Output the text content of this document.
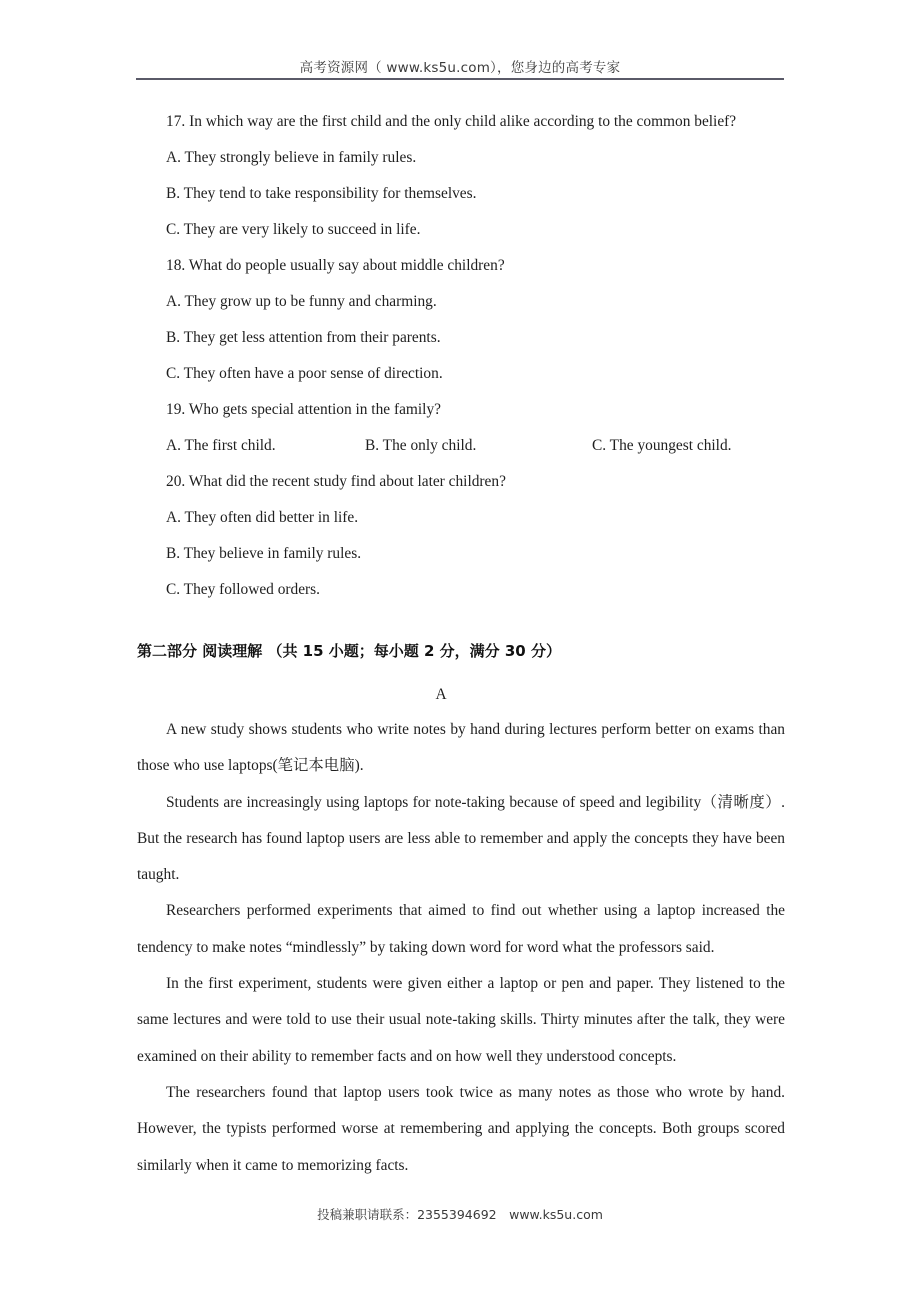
高考资源网（ www.ks5u.com），您身边的高考专家
17. In which way are the first child and the only child alike according to the common belief?
A. They strongly believe in family rules.
B. They tend to take responsibility for themselves.
C. They are very likely to succeed in life.
18. What do people usually say about middle children?
A. They grow up to be funny and charming.
B. They get less attention from their parents.
C. They often have a poor sense of direction.
19. Who gets special attention in the family?
A. The first child.	B. The only child.	C. The youngest child.
20. What did the recent study find about later children?
A. They often did better in life.
B. They believe in family rules.
C. They followed orders.
第二部分 阅读理解 （共 15 小题；每小题 2 分，满分 30 分）
A

A new study shows students who write notes by hand during lectures perform better on exams than those who use laptops(笔记本电脑).

Students are increasingly using laptops for note-taking because of speed and legibility（清晰度）. But the research has found laptop users are less able to remember and apply the concepts they have been taught.

Researchers performed experiments that aimed to find out whether using a laptop increased the tendency to make notes “mindlessly” by taking down word for word what the professors said.

In the first experiment, students were given either a laptop or pen and paper. They listened to the same lectures and were told to use their usual note-taking skills. Thirty minutes after the talk, they were examined on their ability to remember facts and on how well they understood concepts.

The researchers found that laptop users took twice as many notes as those who wrote by hand. However, the typists performed worse at remembering and applying the concepts. Both groups scored similarly when it came to memorizing facts.

投稿兼职请联系：2355394692　www.ks5u.com
